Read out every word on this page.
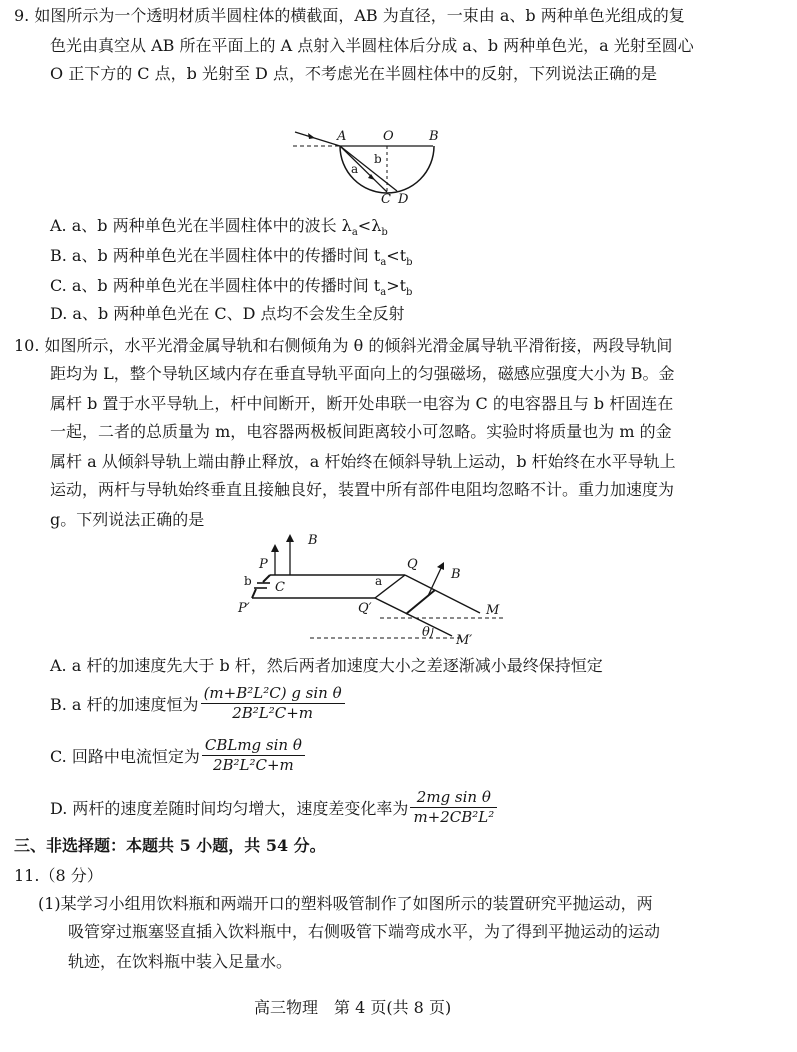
9. 如图所示为一个透明材质半圆柱体的横截面，AB 为直径，一束由 a、b 两种单色光组成的复
色光由真空从 AB 所在平面上的 A 点射入半圆柱体后分成 a、b 两种单色光，a 光射至圆心
O 正下方的 C 点，b 光射至 D 点，不考虑光在半圆柱体中的反射，下列说法正确的是
A	O	B
C D
a
b
A. a、b 两种单色光在半圆柱体中的波长 $\lambda_a<\lambda_b$
B. a、b 两种单色光在半圆柱体中的传播时间 $t_a<t_b$
C. a、b 两种单色光在半圆柱体中的传播时间 $t_a>t_b$
D. a、b 两种单色光在 C、D 点均不会发生全反射
10. 如图所示，水平光滑金属导轨和右侧倾角为 θ 的倾斜光滑金属导轨平滑衔接，两段导轨间
距均为 L，整个导轨区域内存在垂直导轨平面向上的匀强磁场，磁感应强度大小为 B。金
属杆 b 置于水平导轨上，杆中间断开，断开处串联一电容为 C 的电容器且与 b 杆固连在
一起，二者的总质量为 m，电容器两极板间距离较小可忽略。实验时将质量也为 m 的金
属杆 a 从倾斜导轨上端由静止释放，a 杆始终在倾斜导轨上运动，b 杆始终在水平导轨上
运动，两杆与导轨始终垂直且接触良好，装置中所有部件电阻均忽略不计。重力加速度为
g。下列说法正确的是
B
B
P
P′
C
b
Q
Q′
a
M
M′
θ
A. a 杆的加速度先大于 b 杆，然后两者加速度大小之差逐渐减小最终保持恒定
B. a 杆的加速度恒为 $\frac{\text{(m+B²L²C) g sin θ}}{\text{2B²L²C+m}}$
C. 回路中电流恒定为 $\frac{\text{CBLmg sin θ}}{\text{2B²L²C+m}}$
D. 两杆的速度差随时间均匀增大，速度差变化率为 $\frac{\text{2mg sin θ}}{\text{m+2CB²L²}}$
三、非选择题：本题共 5 小题，共 54 分。
11.（8 分）
(1)某学习小组用饮料瓶和两端开口的塑料吸管制作了如图所示的装置研究平抛运动，两
吸管穿过瓶塞竖直插入饮料瓶中，右侧吸管下端弯成水平，为了得到平抛运动的运动
轨迹，在饮料瓶中装入足量水。
高三物理　第 4 页(共 8 页)
